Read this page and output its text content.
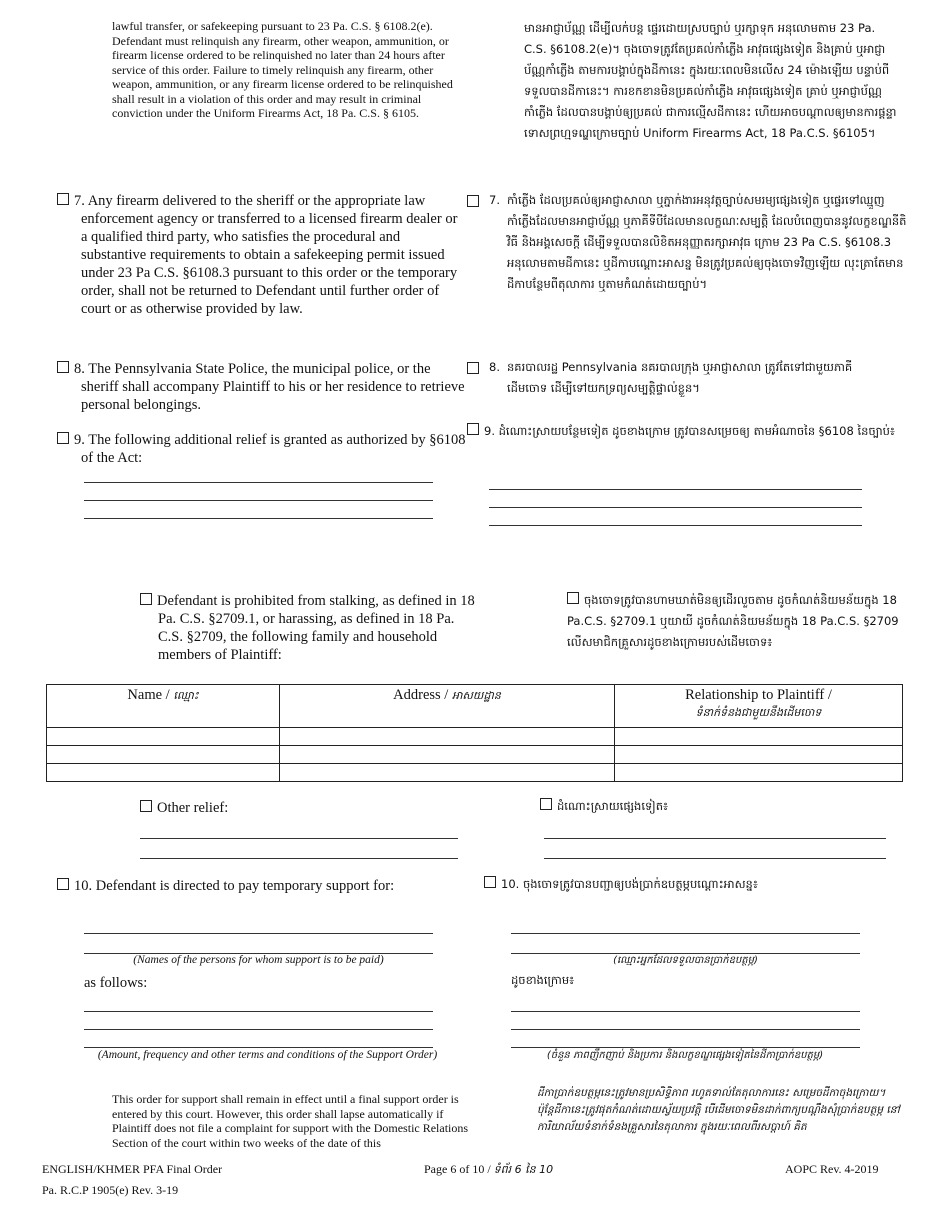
lawful transfer, or safekeeping pursuant to 23 Pa. C.S. § 6108.2(e). Defendant must relinquish any firearm, other weapon, ammunition, or firearm license ordered to be relinquished no later than 24 hours after service of this order. Failure to timely relinquish any firearm, other weapon, ammunition, or any firearm license ordered to be relinquished shall result in a violation of this order and may result in criminal conviction under the Uniform Firearms Act, 18 Pa. C.S. § 6105.
មានអាជ្ញាប័ណ្ណ ដើម្បីលក់បន្ត ផ្ទេរដោយស្របច្បាប់ ឬរក្សាទុក អនុលោមតាម 23 Pa. C.S. §6108.2(e)។ ចុងចោទត្រូវតែប្រគល់កាំភ្លើង អាវុធផ្សេងទៀត និងគ្រាប់ ឬអាជ្ញាប័ណ្ណកាំភ្លើង តាមការបង្គាប់ក្នុងដីកានេះ ក្នុងរយៈពេលមិនលើស 24 ម៉ោងឡើយ បន្ទាប់ពីទទួលបានដីកានេះ។ ការខកខានមិនប្រគល់កាំភ្លើង អាវុធផ្សេងទៀត គ្រាប់ ឬអាជ្ញាប័ណ្ណកាំភ្លើង ដែលបានបង្គាប់ឲ្យប្រគល់ ជាការល្មើសដីកានេះ ហើយអាចបណ្តាលឲ្យមានការផ្តន្ទាទោសព្រហ្មទណ្ឌក្រោមច្បាប់ Uniform Firearms Act, 18 Pa.C.S. §6105។
7. Any firearm delivered to the sheriff or the appropriate law enforcement agency or transferred to a licensed firearm dealer or a qualified third party, who satisfies the procedural and substantive requirements to obtain a safekeeping permit issued under 23 Pa C.S. §6108.3 pursuant to this order or the temporary order, shall not be returned to Defendant until further order of court or as otherwise provided by law.
7. កាំភ្លើង ដែលប្រគល់ឲ្យអាជ្ញាសាលា ឬភ្នាក់ងារអនុវត្តច្បាប់សមរម្យផ្សេងទៀត ឬផ្ទេរទៅឈ្មួញកាំភ្លើងដែលមានអាជ្ញាប័ណ្ណ ឬភាគីទីបីដែលមានលក្ខណៈសម្បត្តិ ដែលបំពេញបាននូវលក្ខខណ្ឌនីតិវិធី និងអង្គសេចក្តី ដើម្បីទទួលបានលិខិតអនុញ្ញាតរក្សាអាវុធ ក្រោម 23 Pa C.S. §6108.3 អនុលោមតាមដីកានេះ ឬដីកាបណ្តោះអាសន្ន មិនត្រូវប្រគល់ឲ្យចុងចោទវិញឡើយ លុះត្រាតែមានដីកាបន្ថែមពីតុលាការ ឬតាមកំណត់ដោយច្បាប់។
8. The Pennsylvania State Police, the municipal police, or the sheriff shall accompany Plaintiff to his or her residence to retrieve personal belongings.
8. នគរបាលរដ្ឋ Pennsylvania នគរបាលក្រុង ឬអាជ្ញាសាលា ត្រូវតែទៅជាមួយភាគីដើមចោទ ដើម្បីទៅយកទ្រព្យសម្បត្តិផ្ទាល់ខ្លួន។
9. The following additional relief is granted as authorized by §6108 of the Act:
9. ដំណោះស្រាយបន្ថែមទៀត ដូចខាងក្រោម ត្រូវបានសម្រេចឲ្យ តាមអំណាចនៃ §6108 នៃច្បាប់៖
Defendant is prohibited from stalking, as defined in 18 Pa. C.S. §2709.1, or harassing, as defined in 18 Pa. C.S. §2709, the following family and household members of Plaintiff:
ចុងចោទត្រូវបានហាមឃាត់មិនឲ្យដើរលួចតាម ដូចកំណត់និយមន័យក្នុង 18 Pa.C.S. §2709.1 ឬយាយី ដូចកំណត់និយមន័យក្នុង 18 Pa.C.S. §2709 លើសមាជិកគ្រួសារដូចខាងក្រោមរបស់ដើមចោទ៖
Name / ឈ្មោះ	Address / អាសយដ្ឋាន	Relationship to Plaintiff /
ទំនាក់ទំនងជាមួយនឹងដើមចោទ

Other relief:	ដំណោះស្រាយផ្សេងទៀត៖
10. Defendant is directed to pay temporary support for:	10. ចុងចោទត្រូវបានបញ្ជាឲ្យបង់ប្រាក់ឧបត្ថម្ភបណ្តោះអាសន្ន៖
(Names of the persons for whom support is to be paid)	(ឈ្មោះអ្នកដែលទទួលបានប្រាក់ឧបត្ថម្ភ)
as follows:	ដូចខាងក្រោម៖
(Amount, frequency and other terms and conditions of the Support Order)	(ចំនួន ភាពញឹកញាប់ និងប្រការ និងលក្ខខណ្ឌផ្សេងទៀតនៃដីកាប្រាក់ឧបត្ថម្ភ)
This order for support shall remain in effect until a final support order is entered by this court. However, this order shall lapse automatically if Plaintiff does not file a complaint for support with the Domestic Relations Section of the court within two weeks of the date of this
ដីកាប្រាក់ឧបត្ថម្ភនេះត្រូវមានប្រសិទ្ធិភាព រហូតទាល់តែតុលាការនេះ សម្រេចដីកាចុងក្រោយ។ ប៉ុន្តែដីកានេះត្រូវផុតកំណត់ដោយស្វ័យប្រវត្តិ បើដើមចោទមិនដាក់ពាក្យបណ្តឹងសុំប្រាក់ឧបត្ថម្ភ នៅការិយាល័យទំនាក់ទំនងគ្រួសារនៃតុលាការ ក្នុងរយៈពេលពីរសប្តាហ៍ គិត
ENGLISH/KHMER PFA Final Order
Pa. R.C.P 1905(e) Rev. 3-19
Page 6 of 10 / ទំព័រ 6 នៃ 10	AOPC Rev. 4-2019
